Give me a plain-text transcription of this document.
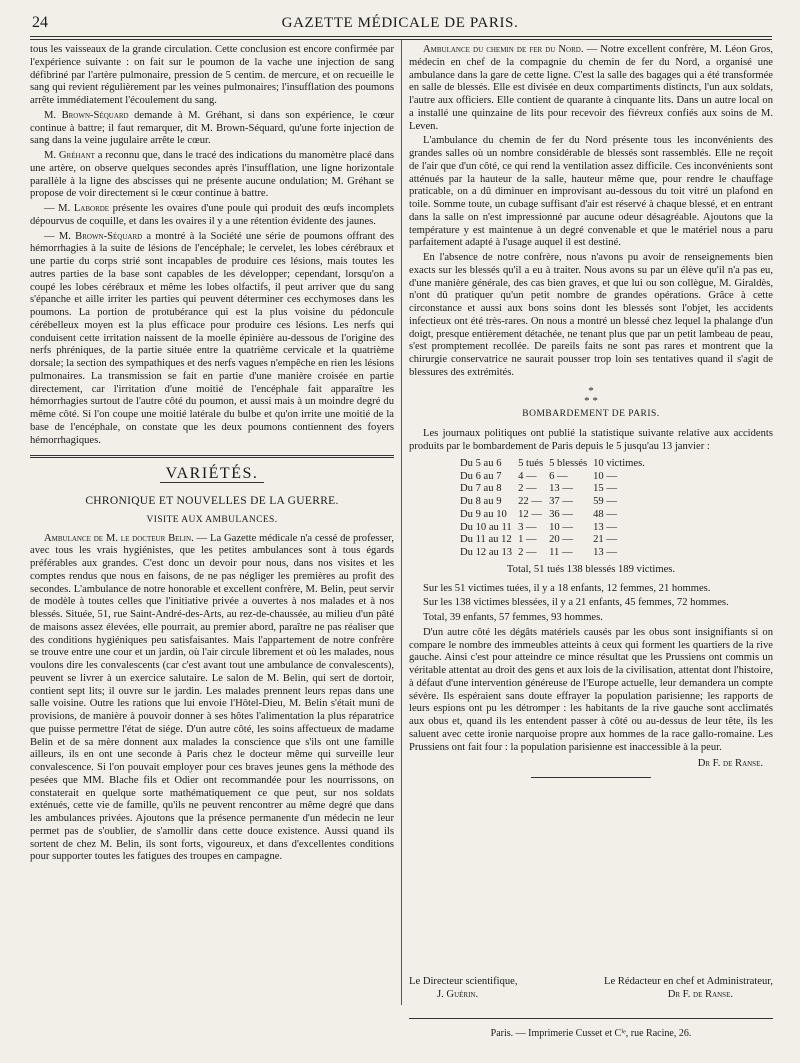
24	GAZETTE MÉDICALE DE PARIS.

tous les vaisseaux de la grande circulation. Cette conclusion est encore confirmée par l'expérience suivante : on fait sur le poumon de la vache une injection de sang défibriné par l'artère pulmonaire, pression de 5 centim. de mercure, et on recueille le sang qui revient régulièrement par les veines pulmonaires; l'insufflation des poumons arrête immédiatement l'écoulement du sang.

M. Brown-Séquard demande à M. Gréhant, si dans son expérience, le cœur continue à battre; il faut remarquer, dit M. Brown-Séquard, qu'une forte injection de sang dans la veine jugulaire arrête le cœur.

M. Gréhant a reconnu que, dans le tracé des indications du manomètre placé dans une artère, on observe quelques secondes après l'insufflation, une ligne horizontale parallèle à la ligne des abscisses qui ne présente aucune ondulation; M. Gréhant se propose de voir directement si le cœur continue à battre.

— M. Laborde présente les ovaires d'une poule qui produit des œufs incomplets dépourvus de coquille, et dans les ovaires il y a une rétention évidente des jaunes.

— M. Brown-Séquard a montré à la Société une série de poumons offrant des hémorrhagies à la suite de lésions de l'encéphale; le cervelet, les lobes cérébraux et une partie du corps strié sont incapables de produire ces lésions, mais toutes les autres parties de la base sont capables de les développer; cependant, lorsqu'on a coupé les lobes cérébraux et même les lobes olfactifs, il peut arriver que du sang s'épanche et aille irriter les parties qui peuvent déterminer ces ecchymoses dans les poumons. La portion de protubérance qui est la plus voisine du pédoncule cérébelleux moyen est la plus efficace pour produire ces lésions. Les nerfs qui conduisent cette irritation naissent de la moelle épinière au-dessous de l'origine des nerfs phréniques, de la partie située entre la quatrième cervicale et la quatrième dorsale; la section des sympathiques et des nerfs vagues n'empêche en rien les lésions pulmonaires. La transmission se fait en partie d'une manière croisée en partie directement, car l'irritation d'une moitié de l'encéphale fait apparaître les hémorrhagies surtout de l'autre côté du poumon, et aussi mais à un moindre degré du même côté. Si l'on coupe une moitié latérale du bulbe et qu'on irrite une moitié de la base de l'encéphale, on constate que les deux poumons contiennent des foyers hémorrhagiques.

VARIÉTÉS.
CHRONIQUE ET NOUVELLES DE LA GUERRE.
VISITE AUX AMBULANCES.

Ambulance de M. le docteur Belin. — La Gazette médicale n'a cessé de professer, avec tous les vrais hygiénistes, que les petites ambulances sont à tous égards préférables aux grandes. C'est donc un devoir pour nous, dans nos visites et les comptes rendus que nous en faisons, de ne pas négliger les premières au profit des secondes. L'ambulance de notre honorable et excellent confrère, M. Belin, peut servir de modèle à toutes celles que l'initiative privée a ouvertes à nos malades et à nos blessés. Située, 51, rue Saint-André-des-Arts, au rez-de-chaussée, au milieu d'un pâté de maisons assez élevées, elle pourrait, au premier abord, paraître ne pas réaliser que des conditions hygiéniques peu satisfaisantes. Mais l'appartement de notre confrère se trouve entre une cour et un jardin, où l'air circule librement et où les malades, nous voulons dire les convalescents (car c'est avant tout une ambulance de convalescents), peuvent se livrer à un exercice salutaire. Le salon de M. Belin, qui sert de dortoir, contient sept lits; il ouvre sur le jardin. Les malades prennent leurs repas dans une salle voisine. Outre les rations que lui envoie l'Hôtel-Dieu, M. Belin s'était muni de provisions, de manière à pouvoir donner à ses hôtes l'alimentation la plus réparatrice que puisse permettre l'état de siége. D'un autre côté, les soins affectueux de madame Belin et de sa mère donnent aux malades la conscience que s'ils ont une famille ailleurs, ils en ont une seconde à Paris chez le docteur même qui surveille leur convalescence. Si l'on pouvait employer pour ces braves jeunes gens la méthode des pesées que MM. Blache fils et Odier ont recommandée pour les nourrissons, on constaterait en quelque sorte mathématiquement ce que peut, sur nos soldats exténués, cette vie de famille, qu'ils ne peuvent rencontrer au même degré que dans les ambulances privées. Ajoutons que la présence permanente d'un médecin ne leur permet pas de s'oublier, de s'amollir dans cette douce existence. Aussi quand ils sortent de chez M. Belin, ils sont forts, vigoureux, et dans d'excellentes conditions pour supporter toutes les fatigues des troupes en campagne.

Ambulance du chemin de fer du Nord. — Notre excellent confrère, M. Léon Gros, médecin en chef de la compagnie du chemin de fer du Nord, a organisé une ambulance dans la gare de cette ligne. C'est la salle des bagages qui a été transformée en salle de blessés. Elle est divisée en deux compartiments distincts, l'un aux soldats, l'autre aux officiers. Elle contient de quarante à cinquante lits. Dans un autre local on a installé une quinzaine de lits pour recevoir des fiévreux confiés aux soins de M. Leven.

L'ambulance du chemin de fer du Nord présente tous les inconvénients des grandes salles où un nombre considérable de blessés sont rassemblés. Elle ne reçoit de l'air que d'un côté, ce qui rend la ventilation assez difficile. Ces inconvénients sont atténués par la hauteur de la salle, hauteur même que, pour rendre le chauffage praticable, on a dû diminuer en improvisant au-dessous du toit vitré un plafond en toile. Somme toute, un cubage suffisant d'air est réservé à chaque blessé, et en entrant dans la salle on n'est impressionné par aucune odeur désagréable. Ajoutons que la température y est maintenue à un degré convenable et que le matériel nous a paru parfaitement adapté à l'usage auquel il est destiné.

En l'absence de notre confrère, nous n'avons pu avoir de renseignements bien exacts sur les blessés qu'il a eu à traiter. Nous avons su par un élève qu'il n'a pas eu, d'une manière générale, des cas bien graves, et que lui ou son collègue, M. Giraldès, n'ont dû pratiquer qu'un petit nombre de grandes opérations. Grâce à cette circonstance et aussi aux bons soins dont les blessés sont l'objet, les accidents infectieux ont été très-rares. On nous a montré un blessé chez lequel la phalange d'un doigt, presque entièrement détachée, ne tenant plus que par un petit lambeau de peau, s'est promptement recollée. De pareils faits ne sont pas rares et montrent que la chirurgie conservatrice ne saurait pousser trop loin ses tentatives quand il s'agit de blessures des extrémités.

*
* *
BOMBARDEMENT DE PARIS.

Les journaux politiques ont publié la statistique suivante relative aux accidents produits par le bombardement de Paris depuis le 5 jusqu'au 13 janvier :

Du 5 au 6	5 tués	5 blessés	10 victimes.
Du 6 au 7	4 —	6 —	10 —
Du 7 au 8	2 —	13 —	15 —
Du 8 au 9	22 —	37 —	59 —
Du 9 au 10	12 —	36 —	48 —
Du 10 au 11	3 —	10 —	13 —
Du 11 au 12	1 —	20 —	21 —
Du 12 au 13	2 —	11 —	13 —
Total, 51 tués 138 blessés 189 victimes.

Sur les 51 victimes tuées, il y a 18 enfants, 12 femmes, 21 hommes.

Sur les 138 victimes blessées, il y a 21 enfants, 45 femmes, 72 hommes.

Total, 39 enfants, 57 femmes, 93 hommes.

D'un autre côté les dégâts matériels causés par les obus sont insignifiants si on compare le nombre des immeubles atteints à ceux qui forment les quartiers de la rive gauche. Ainsi c'est pour atteindre ce mince résultat que les Prussiens ont commis un véritable attentat au droit des gens et aux lois de la civilisation, attentat dont l'histoire, à défaut d'une intervention généreuse de l'Europe actuelle, leur demandera un compte sévère. Ils espéraient sans doute effrayer la population parisienne; les rapports de leurs espions ont pu les détromper : les habitants de la rive gauche sont acclimatés aux obus et, quand ils les entendent passer à côté ou au-dessus de leur tête, ils les saluent avec cette ironie narquoise propre aux hommes de la race gallo-romaine. Les Prussiens ont fait four : la population parisienne est inaccessible à la peur.

Dr F. de Ranse.
Le Directeur scientifique,	Le Rédacteur en chef et Administrateur,
J. Guérin.	Dr F. de Ranse.
Paris. — Imprimerie Cusset et Cⁱᵉ, rue Racine, 26.
